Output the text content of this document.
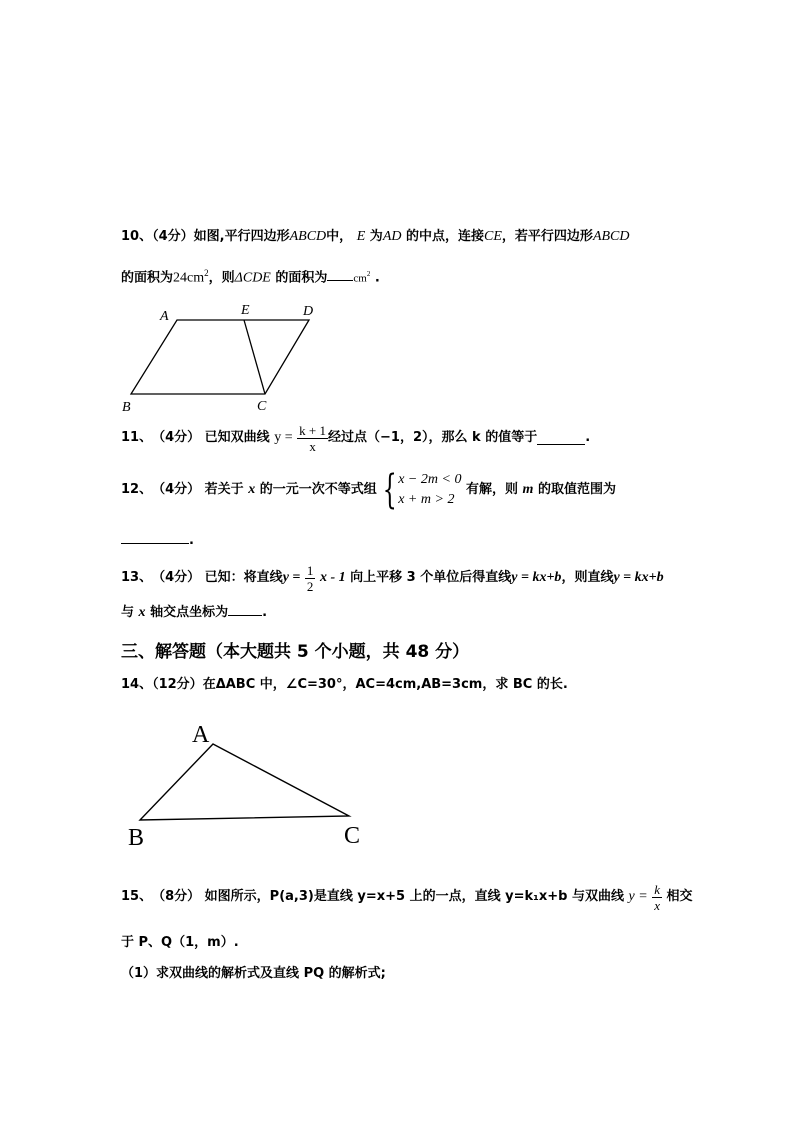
10、（4分）如图,平行四边形ABCD中， E 为AD 的中点，连接CE，若平行四边形ABCD
的面积为$24cm^2$，则ΔCDE 的面积为 $cm^2$ .
A	E	D
B	C
11、 （4分）
已知双曲线
y =
$\frac{k + 1}{x}$ 经过点（−1，2），那么
k
的值等于	.
12、 （4分）
若关于
x
的一元一次不等式组 { x − 2m < 0
x + m > 2

有解，则
m
的取值范围为
.
13、 （4分）
已知：将直线 y =
$\frac{1}{2}$
x - 1
向上平移 3 个单位后得直线 y = kx+b ，则直线 y = kx+b
与 x 轴交点坐标为	.
三、解答题（本大题共 5 个小题，共 48 分）
14、（12分）在ΔABC 中，∠C=30°，AC=4cm,AB=3cm，求 BC 的长.
A
B	C
15、 （8分）
如图所示，P(a,3)是直线 y=x+5 上的一点，直线
y=k₁x+b
与双曲线
y =
$\frac{k}{x}$
相交
于 P、Q（1，m）.
（1）求双曲线的解析式及直线 PQ 的解析式;
